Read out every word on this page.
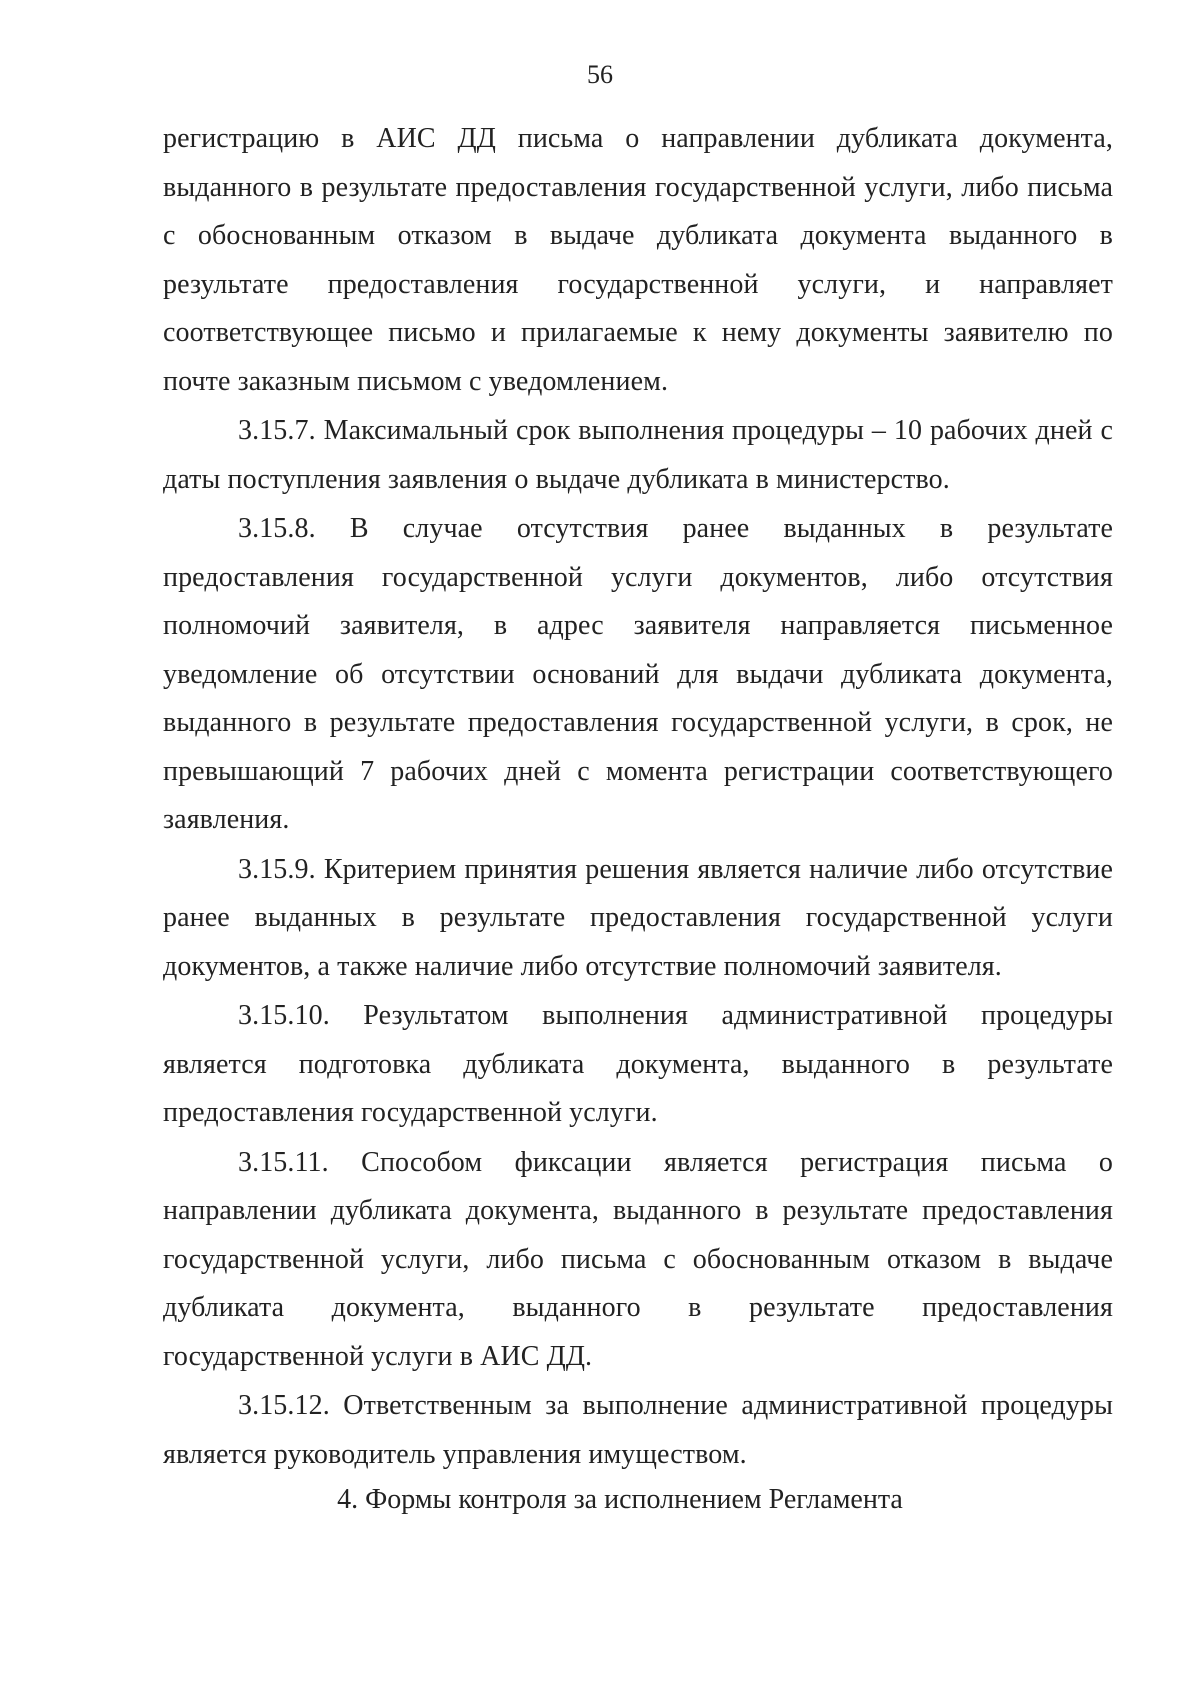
56

регистрацию в АИС ДД письма о направлении дубликата документа, выданного в результате предоставления государственной услуги, либо письма с обоснованным отказом в выдаче дубликата документа выданного в результате предоставления государственной услуги, и направляет соответствующее письмо и прилагаемые к нему документы заявителю по почте заказным письмом с уведомлением.

3.15.7. Максимальный срок выполнения процедуры – 10 рабочих дней с даты поступления заявления о выдаче дубликата в министерство.

3.15.8. В случае отсутствия ранее выданных в результате предоставления государственной услуги документов, либо отсутствия полномочий заявителя, в адрес заявителя направляется письменное уведомление об отсутствии оснований для выдачи дубликата документа, выданного в результате предоставления государственной услуги, в срок, не превышающий 7 рабочих дней с момента регистрации соответствующего заявления.

3.15.9. Критерием принятия решения является наличие либо отсутствие ранее выданных в результате предоставления государственной услуги документов, а также наличие либо отсутствие полномочий заявителя.

3.15.10. Результатом выполнения административной процедуры является подготовка дубликата документа, выданного в результате предоставления государственной услуги.

3.15.11. Способом фиксации является регистрация письма о направлении дубликата документа, выданного в результате предоставления государственной услуги, либо письма с обоснованным отказом в выдаче дубликата документа, выданного в результате предоставления государственной услуги в АИС ДД.

3.15.12. Ответственным за выполнение административной процедуры является руководитель управления имуществом.

4. Формы контроля за исполнением Регламента
